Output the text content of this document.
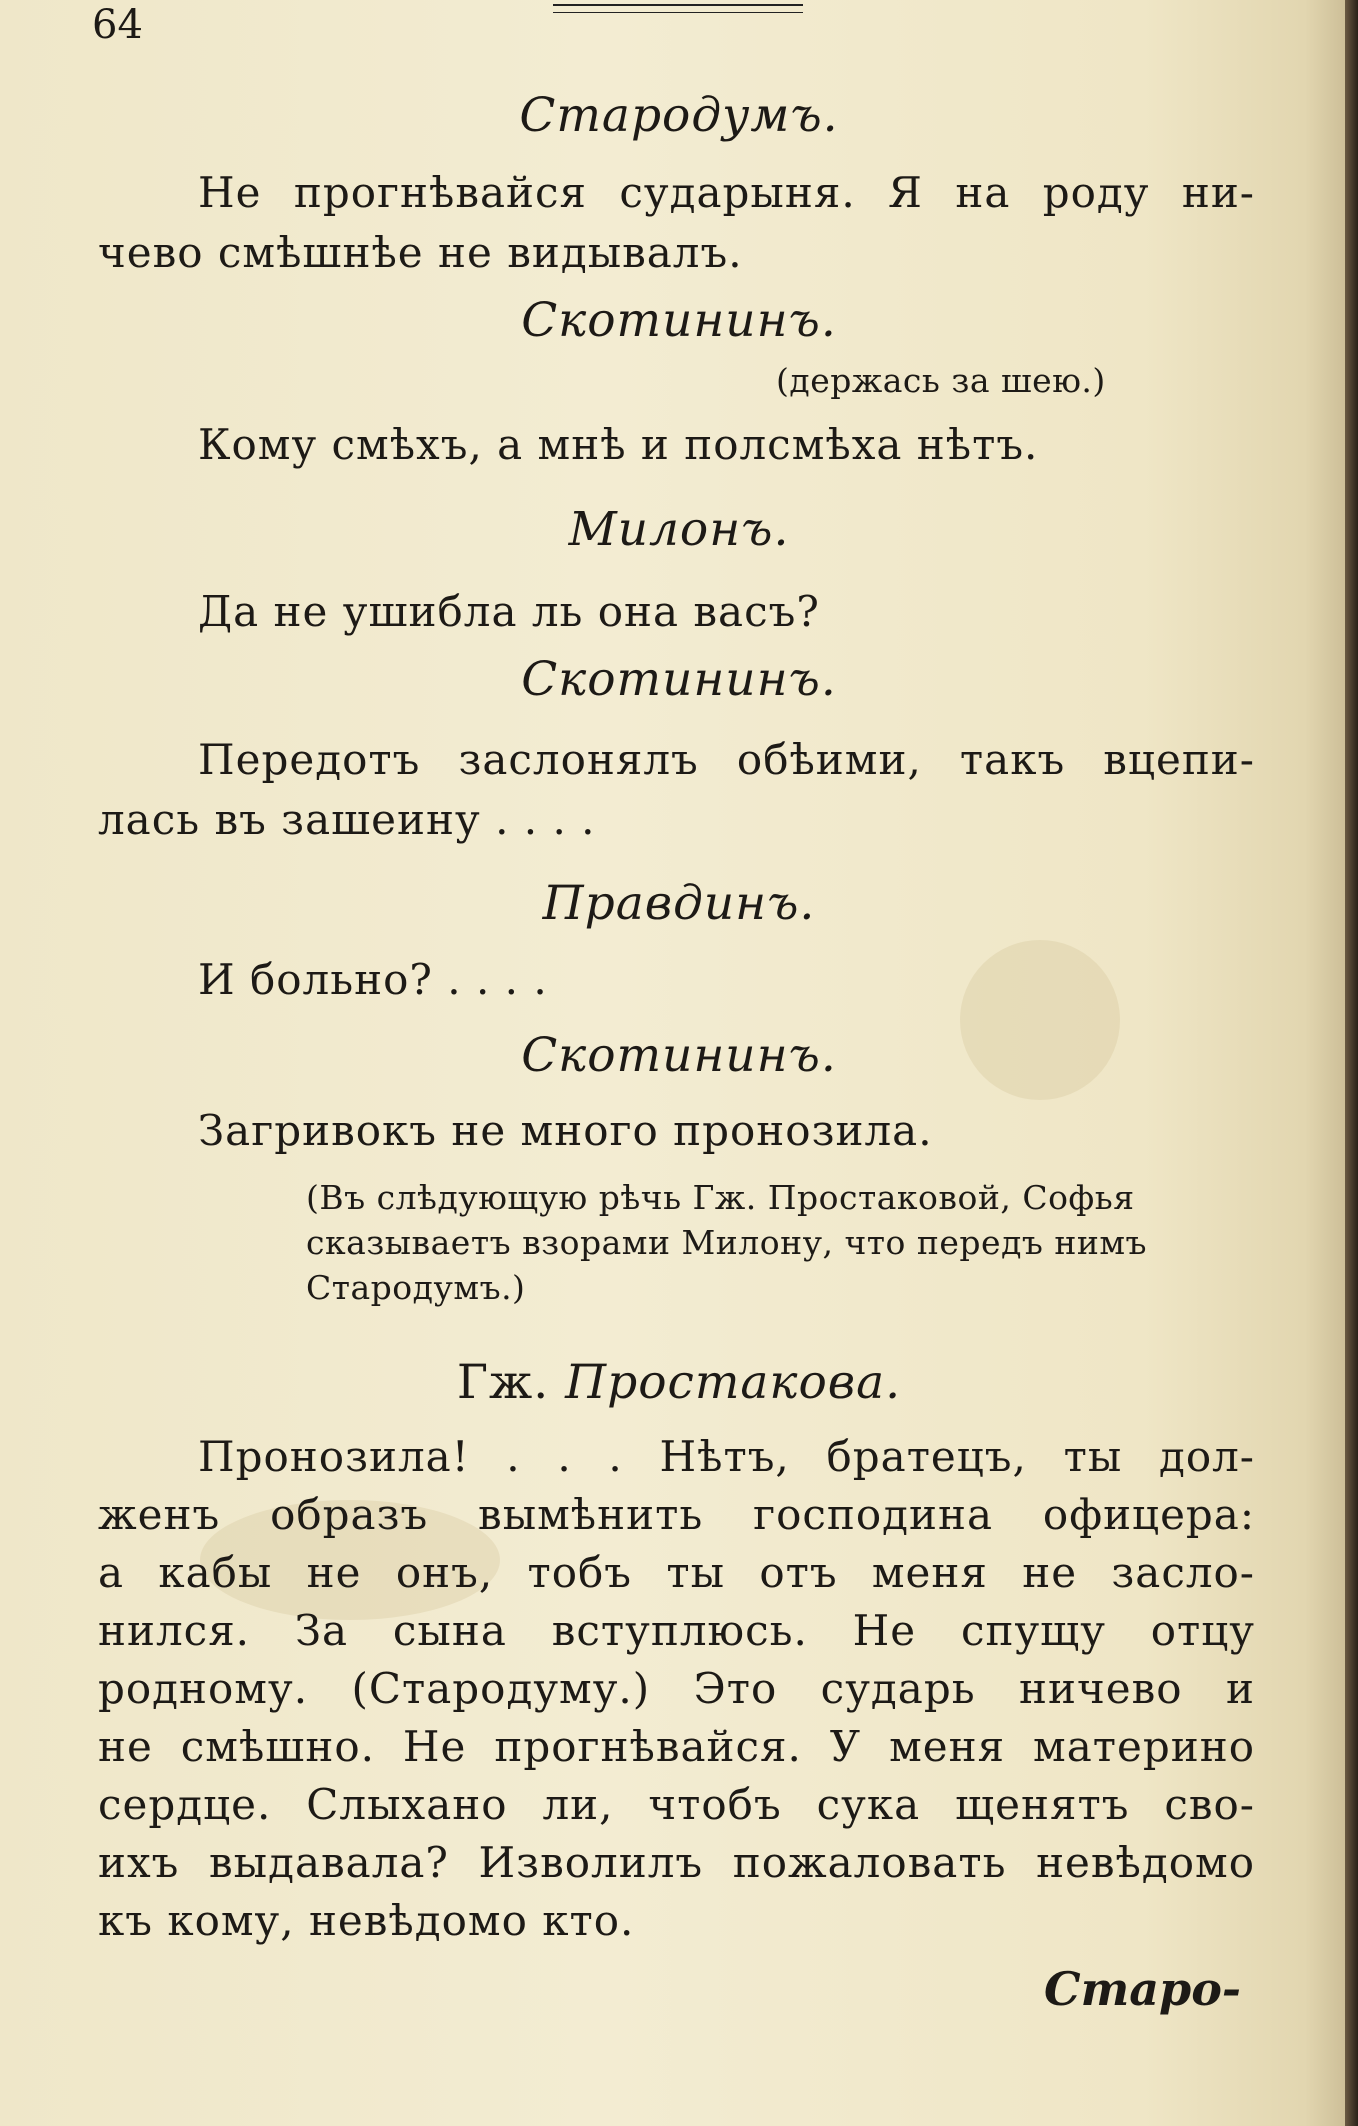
64
Стародумъ.
Не прогнѣвайся сударыня. Я на роду ни-
чево смѣшнѣе не видывалъ.
Скотининъ.
(держась за шею.)
Кому смѣхъ, а мнѣ и полсмѣха нѣтъ.
Милонъ.
Да не ушибла ль она васъ?
Скотининъ.
Передотъ заслонялъ обѣими, такъ вцепи-
лась въ зашеину . . . .
Правдинъ.
И больно? . . . .
Скотининъ.
Загривокъ не много пронозила.
(Въ слѣдующую рѣчь Гж. Простаковой, Софья
сказываетъ взорами Милону, что передъ нимъ
Стародумъ.)
Гж. Простакова.
Пронозила! . . . Нѣтъ, братецъ, ты дол-
женъ образъ вымѣнить господина офицера:
а кабы не онъ, тобъ ты отъ меня не засло-
нился. За сына вступлюсь. Не спущу отцу
родному. (Стародуму.) Это сударь ничево и
не смѣшно. Не прогнѣвайся. У меня материно
сердце. Слыхано ли, чтобъ сука щенятъ сво-
ихъ выдавала? Изволилъ пожаловать невѣдомо
къ кому, невѣдомо кто.
Старо-
